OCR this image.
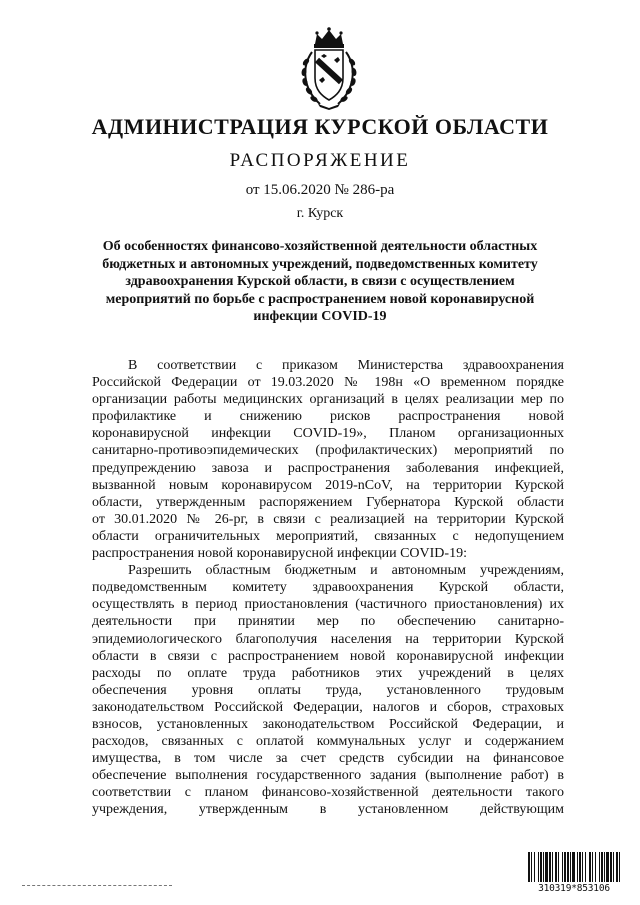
АДМИНИСТРАЦИЯ КУРСКОЙ ОБЛАСТИ
РАСПОРЯЖЕНИЕ
от 15.06.2020 № 286-ра
г. Курск
Об особенностях финансово-хозяйственной деятельности областных
бюджетных и автономных учреждений, подведомственных комитету
здравоохранения Курской области, в связи с осуществлением
мероприятий по борьбе с распространением новой коронавирусной
инфекции COVID-19
В соответствии с приказом Министерства здравоохранения
Российской Федерации от 19.03.2020 № 198н «О временном порядке
организации работы медицинских организаций в целях реализации мер по
профилактике и снижению рисков распространения новой
коронавирусной инфекции COVID-19», Планом организационных
санитарно-противоэпидемических (профилактических) мероприятий по
предупреждению завоза и распространения заболевания инфекцией,
вызванной новым коронавирусом 2019-nCoV, на территории Курской
области, утвержденным распоряжением Губернатора Курской области
от 30.01.2020 № 26-рг, в связи с реализацией на территории Курской
области ограничительных мероприятий, связанных с недопущением
распространения новой коронавирусной инфекции COVID-19:
Разрешить областным бюджетным и автономным учреждениям,
подведомственным комитету здравоохранения Курской области,
осуществлять в период приостановления (частичного приостановления) их
деятельности при принятии мер по обеспечению санитарно-
эпидемиологического благополучия населения на территории Курской
области в связи с распространением новой коронавирусной инфекции
расходы по оплате труда работников этих учреждений в целях
обеспечения уровня оплаты труда, установленного трудовым
законодательством Российской Федерации, налогов и сборов, страховых
взносов, установленных законодательством Российской Федерации, и
расходов, связанных с оплатой коммунальных услуг и содержанием
имущества, в том числе за счет средств субсидии на финансовое
обеспечение выполнения государственного задания (выполнение работ) в
соответствии с планом финансово-хозяйственной деятельности такого
учреждения, утвержденным в установленном действующим
310319*853106
